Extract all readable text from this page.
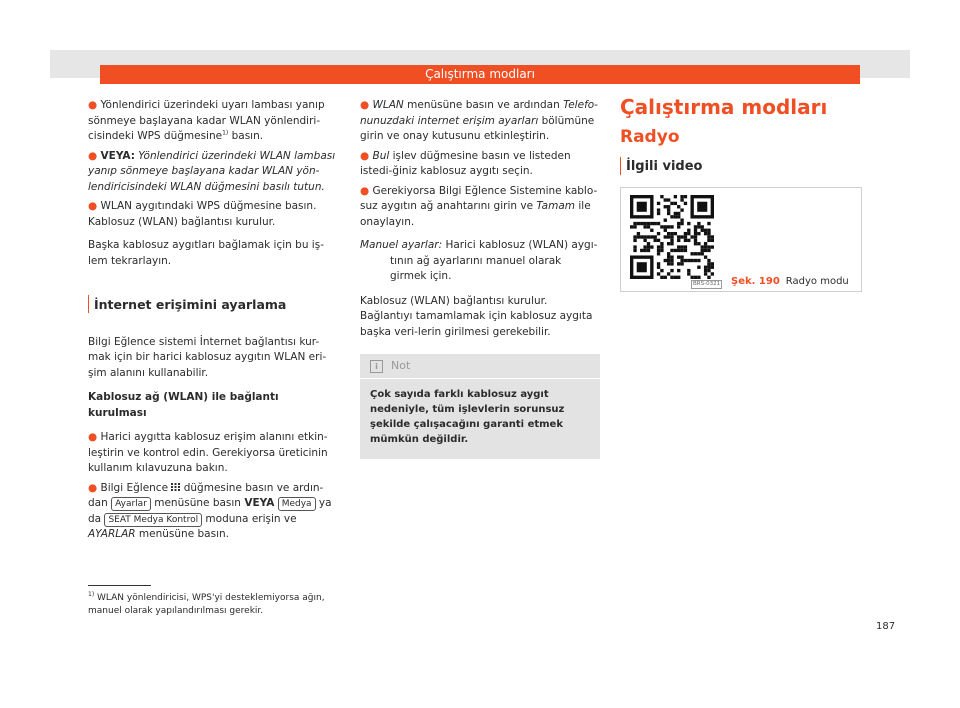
Çalıştırma modları
● Yönlendirici üzerindeki uyarı lambası yanıp sönmeye başlayana kadar WLAN yönlendiri-cisindeki WPS düğmesine$^{1)}$ basın.
● VEYA: Yönlendirici üzerindeki WLAN lambası yanıp sönmeye başlayana kadar WLAN yön-lendiricisindeki WLAN düğmesini basılı tutun.
● WLAN aygıtındaki WPS düğmesine basın. Kablosuz (WLAN) bağlantısı kurulur.

Başka kablosuz aygıtları bağlamak için bu iş-lem tekrarlayın.

İnternet erişimini ayarlama

Bilgi Eğlence sistemi İnternet bağlantısı kur-mak için bir harici kablosuz aygıtın WLAN eri-şim alanını kullanabilir.

Kablosuz ağ (WLAN) ile bağlantı kurulması

● Harici aygıtta kablosuz erişim alanını etkin-leştirin ve kontrol edin. Gerekiyorsa üreticinin kullanım kılavuzuna bakın.
● Bilgi Eğlence  düğmesine basın ve ardın-dan Ayarlar menüsüne basın VEYA Medya ya da SEAT Medya Kontrol moduna erişin ve AYARLAR menüsüne basın.
● WLAN menüsüne basın ve ardından Telefo-nunuzdaki internet erişim ayarları bölümüne girin ve onay kutusunu etkinleştirin.
● Bul işlev düğmesine basın ve listeden istedi-ğiniz kablosuz aygıtı seçin.
● Gerekiyorsa Bilgi Eğlence Sistemine kablo-suz aygıtın ağ anahtarını girin ve Tamam ile onaylayın.

Manuel ayarlar: Harici kablosuz (WLAN) aygı-tının ağ ayarlarını manuel olarak girmek için.

Kablosuz (WLAN) bağlantısı kurulur. Bağlantıyı tamamlamak için kablosuz aygıta başka veri-lerin girilmesi gerekebilir.

i	Not
Çok sayıda farklı kablosuz aygıt nedeniyle, tüm işlevlerin sorunsuz şekilde çalışacağını garanti etmek mümkün değildir.
Çalıştırma modları
Radyo
İlgili video
BRS-0321 Şek. 190 Radyo modu
$^{1)}$ WLAN yönlendiricisi, WPS'yi desteklemiyorsa ağın, manuel olarak yapılandırılması gerekir.
187
